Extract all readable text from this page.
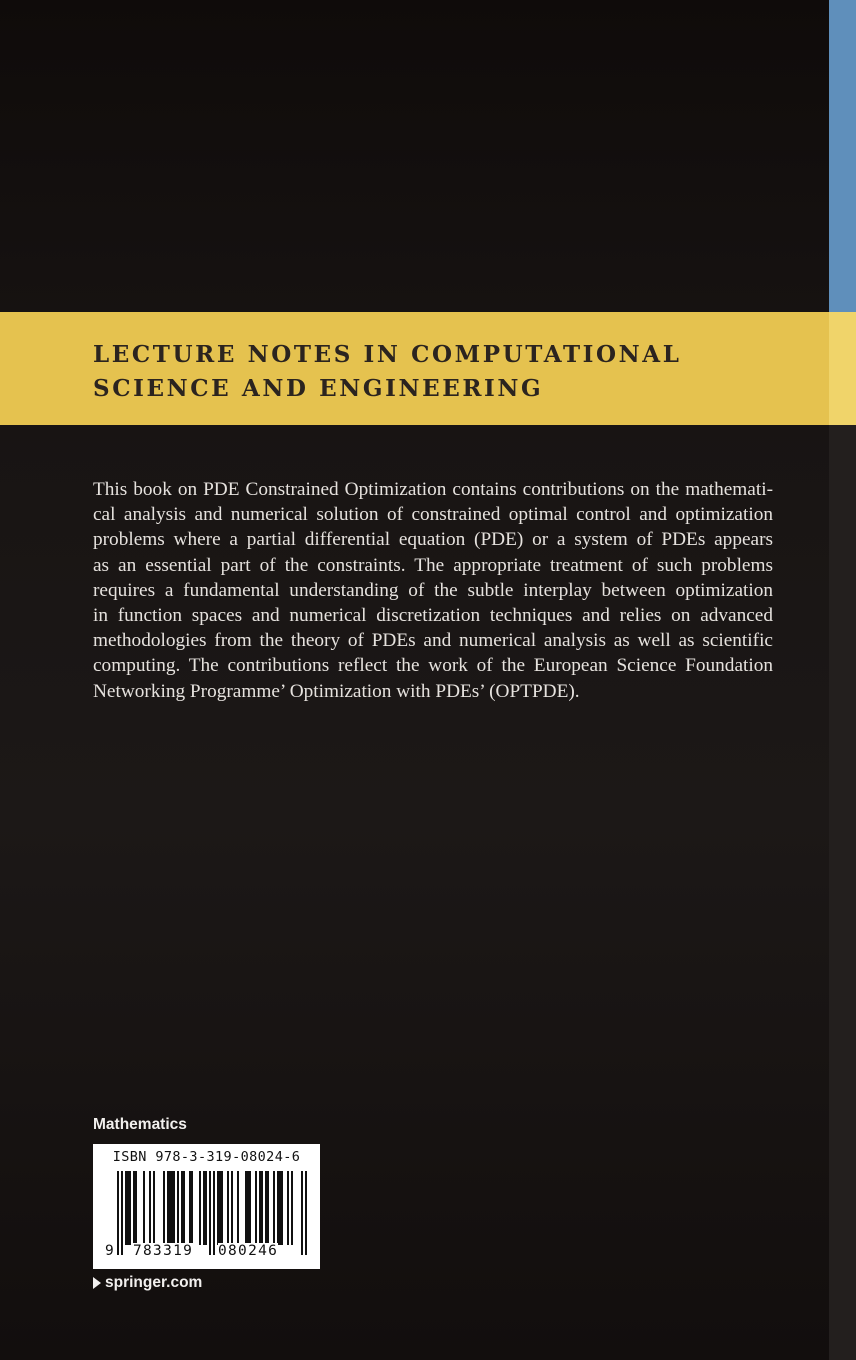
LECTURE NOTES IN COMPUTATIONAL
SCIENCE AND ENGINEERING

This book on PDE Constrained Optimization contains contributions on the mathemati-
cal analysis and numerical solution of constrained optimal control and optimization
problems where a partial differential equation (PDE) or a system of PDEs appears
as an essential part of the constraints. The appropriate treatment of such problems
requires a fundamental understanding of the subtle interplay between optimization
in function spaces and numerical discretization techniques and relies on advanced
methodologies from the theory of PDEs and numerical analysis as well as scientific
computing. The contributions reflect the work of the European Science Foundation
Networking Programme’ Optimization with PDEs’ (OPTPDE).

Mathematics
ISBN 978-3-319-08024-6
9 783319 080246
springer.com
